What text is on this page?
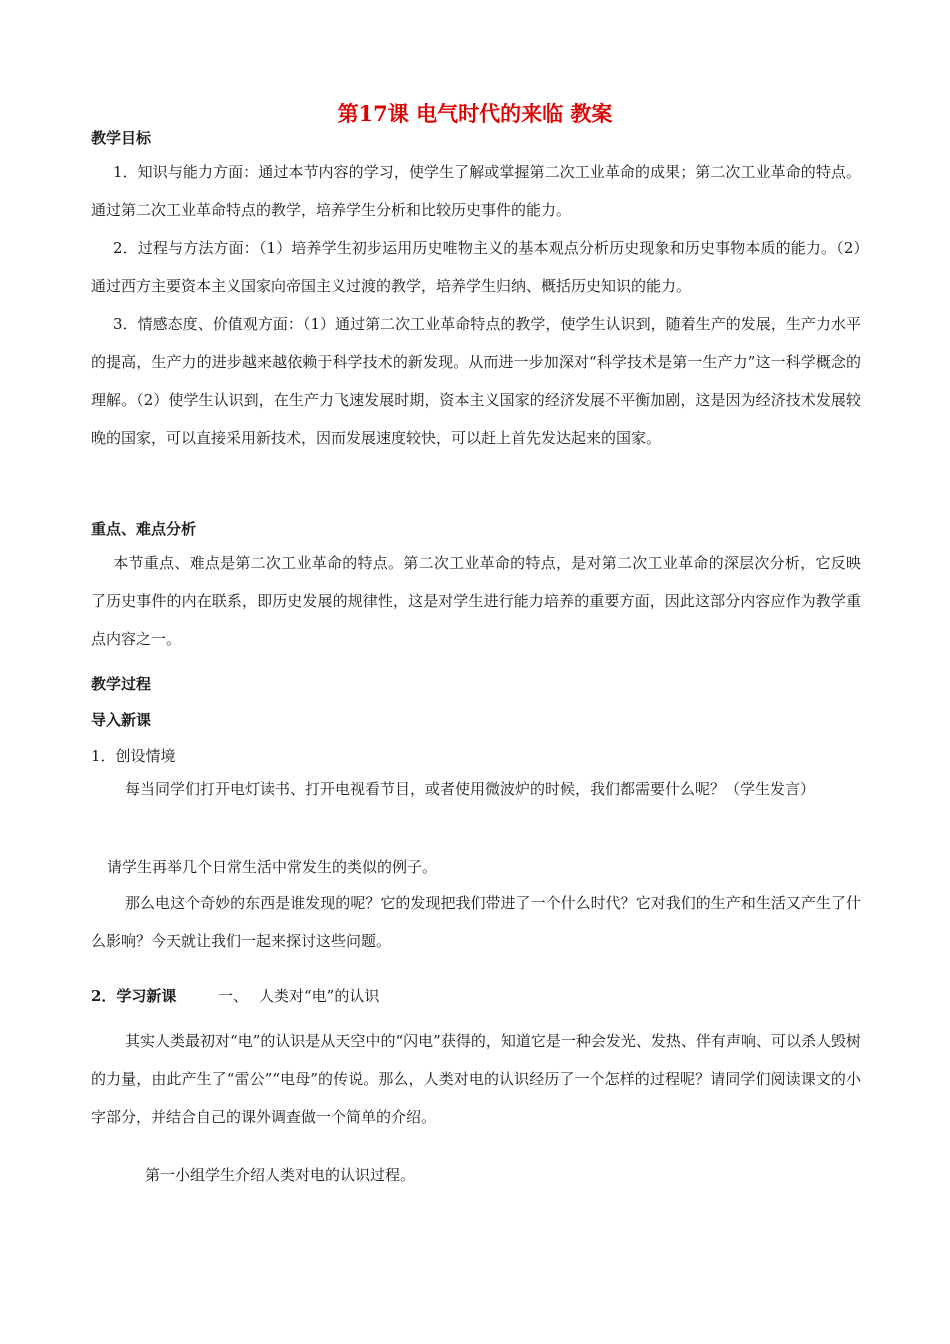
第17课 电气时代的来临 教案
教学目标
1．知识与能力方面：通过本节内容的学习，使学生了解或掌握第二次工业革命的成果；第二次工业革命的特点。通过第二次工业革命特点的教学，培养学生分析和比较历史事件的能力。
2．过程与方法方面：（1）培养学生初步运用历史唯物主义的基本观点分析历史现象和历史事物本质的能力。（2）通过西方主要资本主义国家向帝国主义过渡的教学，培养学生归纳、概括历史知识的能力。
3．情感态度、价值观方面：（1）通过第二次工业革命特点的教学，使学生认识到，随着生产的发展，生产力水平的提高，生产力的进步越来越依赖于科学技术的新发现。从而进一步加深对“科学技术是第一生产力”这一科学概念的理解。（2）使学生认识到，在生产力飞速发展时期，资本主义国家的经济发展不平衡加剧，这是因为经济技术发展较晚的国家，可以直接采用新技术，因而发展速度较快，可以赶上首先发达起来的国家。
重点、难点分析
本节重点、难点是第二次工业革命的特点。第二次工业革命的特点，是对第二次工业革命的深层次分析，它反映了历史事件的内在联系，即历史发展的规律性，这是对学生进行能力培养的重要方面，因此这部分内容应作为教学重点内容之一。
教学过程
导入新课
1．创设情境
每当同学们打开电灯读书、打开电视看节目，或者使用微波炉的时候，我们都需要什么呢？（学生发言）
请学生再举几个日常生活中常发生的类似的例子。
那么电这个奇妙的东西是谁发现的呢？它的发现把我们带进了一个什么时代？它对我们的生产和生活又产生了什么影响？今天就让我们一起来探讨这些问题。
2．学习新课	一、 人类对“电”的认识
其实人类最初对“电”的认识是从天空中的“闪电”获得的，知道它是一种会发光、发热、伴有声响、可以杀人毁树的力量，由此产生了“雷公”“电母”的传说。那么，人类对电的认识经历了一个怎样的过程呢？请同学们阅读课文的小字部分，并结合自己的课外调查做一个简单的介绍。
第一小组学生介绍人类对电的认识过程。
